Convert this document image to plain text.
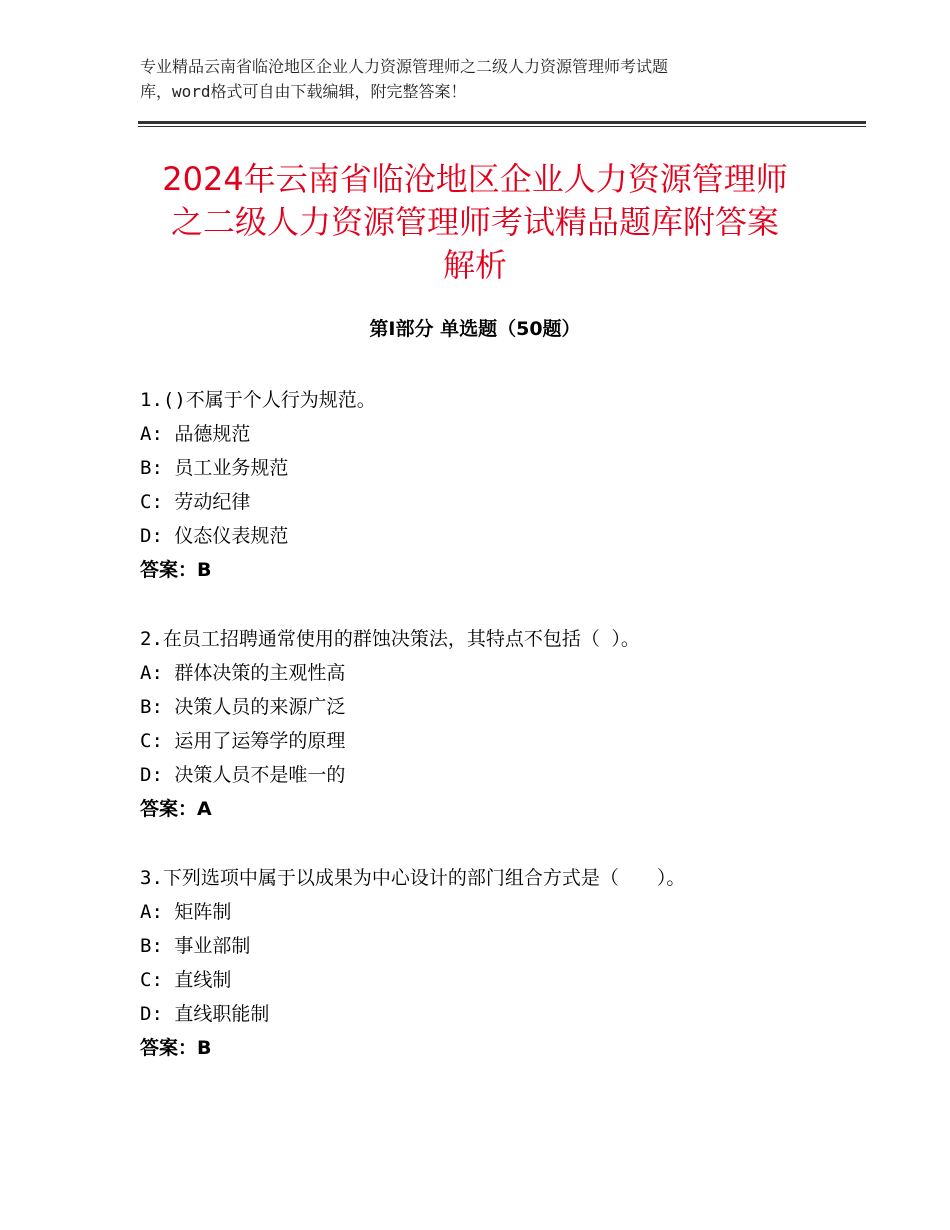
专业精品云南省临沧地区企业人力资源管理师之二级人力资源管理师考试题
库，word格式可自由下载编辑，附完整答案！
2024年云南省临沧地区企业人力资源管理师
之二级人力资源管理师考试精品题库附答案
解析
第Ⅰ部分 单选题（50题）
1.()不属于个人行为规范。
A: 品德规范
B: 员工业务规范
C: 劳动纪律
D: 仪态仪表规范
答案：B
2.在员工招聘通常使用的群蚀决策法，其特点不包括（ ）。
A: 群体决策的主观性高
B: 决策人员的来源广泛
C: 运用了运筹学的原理
D: 决策人员不是唯一的
答案：A
3.下列选项中属于以成果为中心设计的部门组合方式是（　　）。
A: 矩阵制
B: 事业部制
C: 直线制
D: 直线职能制
答案：B
